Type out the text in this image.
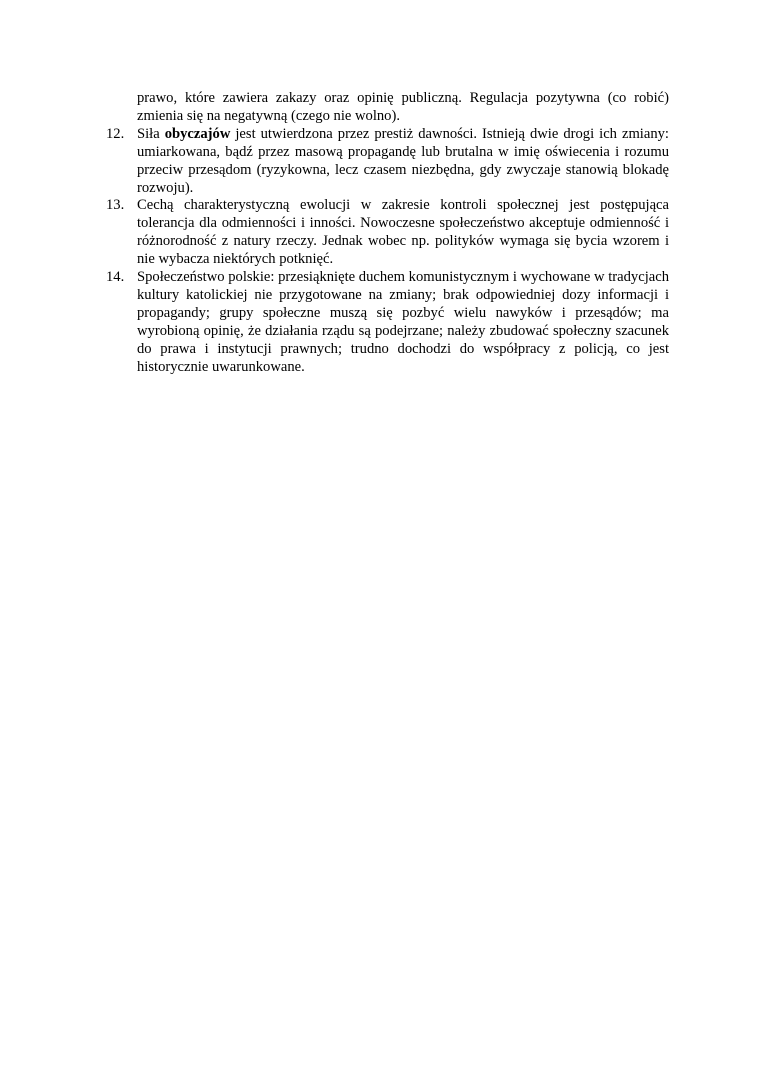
prawo, które zawiera zakazy oraz opinię publiczną. Regulacja pozytywna (co robić) zmienia się na negatywną (czego nie wolno).

12. Siła obyczajów jest utwierdzona przez prestiż dawności. Istnieją dwie drogi ich zmiany: umiarkowana, bądź przez masową propagandę lub brutalna w imię oświecenia i rozumu przeciw przesądom (ryzykowna, lecz czasem niezbędna, gdy zwyczaje stanowią blokadę rozwoju).
13. Cechą charakterystyczną ewolucji w zakresie kontroli społecznej jest postępująca tolerancja dla odmienności i inności. Nowoczesne społeczeństwo akceptuje odmienność i różnorodność z natury rzeczy. Jednak wobec np. polityków wymaga się bycia wzorem i nie wybacza niektórych potknięć.
14. Społeczeństwo polskie: przesiąknięte duchem komunistycznym i wychowane w tradycjach kultury katolickiej nie przygotowane na zmiany; brak odpowiedniej dozy informacji i propagandy; grupy społeczne muszą się pozbyć wielu nawyków i przesądów; ma wyrobioną opinię, że działania rządu są podejrzane; należy zbudować społeczny szacunek do prawa i instytucji prawnych; trudno dochodzi do współpracy z policją, co jest historycznie uwarunkowane.
